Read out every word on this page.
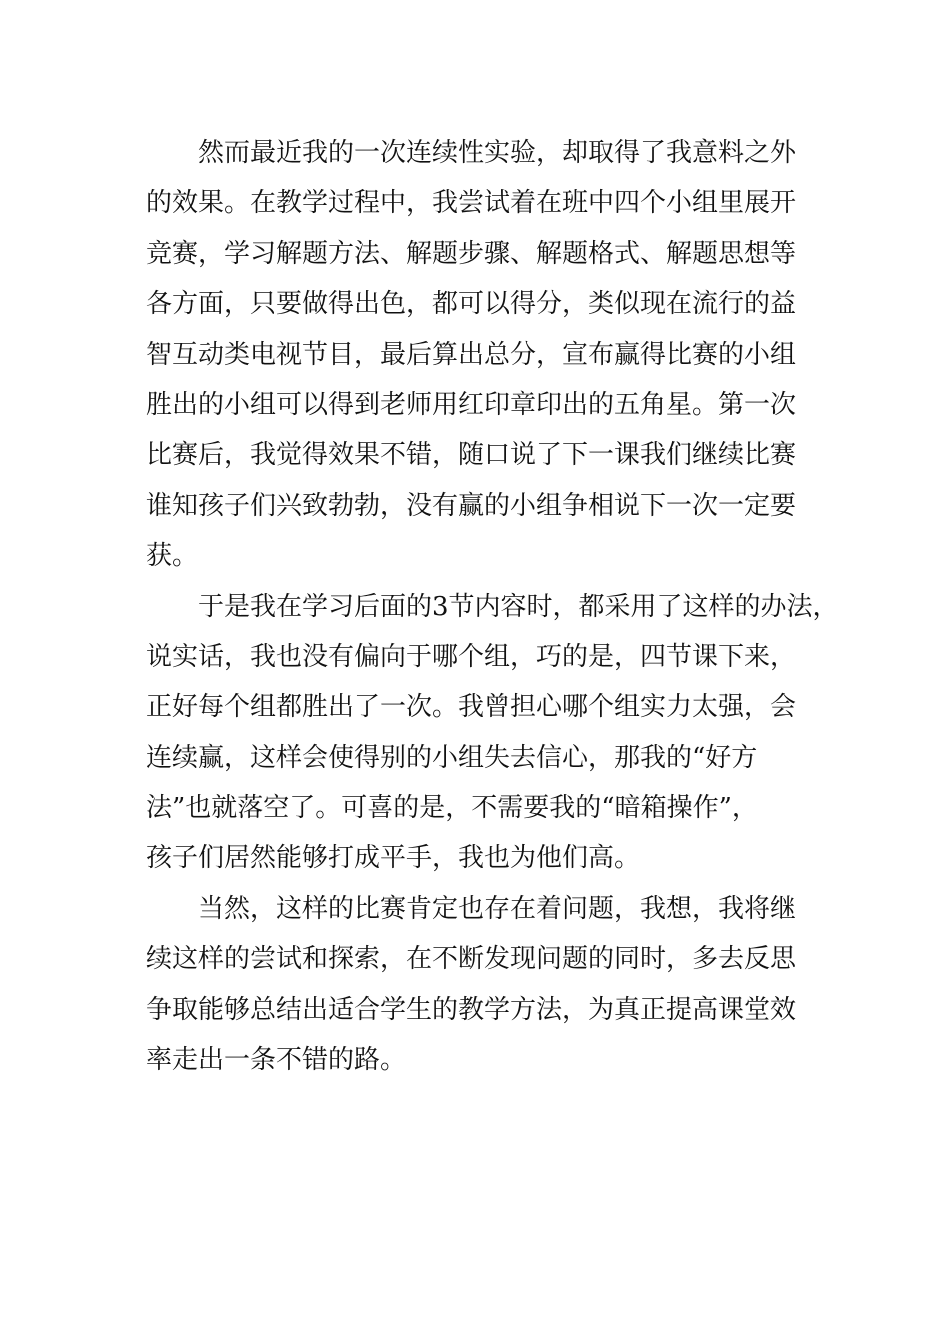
然而最近我的一次连续性实验，却取得了我意料之外
的效果。在教学过程中，我尝试着在班中四个小组里展开
竞赛，学习解题方法、解题步骤、解题格式、解题思想等
各方面，只要做得出色，都可以得分，类似现在流行的益
智互动类电视节目，最后算出总分，宣布赢得比赛的小组
胜出的小组可以得到老师用红印章印出的五角星。第一次
比赛后，我觉得效果不错，随口说了下一课我们继续比赛
谁知孩子们兴致勃勃，没有赢的小组争相说下一次一定要
获。
于是我在学习后面的3节内容时，都采用了这样的办法，
说实话，我也没有偏向于哪个组，巧的是，四节课下来，
正好每个组都胜出了一次。我曾担心哪个组实力太强，会
连续赢，这样会使得别的小组失去信心，那我的“好方
法”也就落空了。可喜的是，不需要我的“暗箱操作”，
孩子们居然能够打成平手，我也为他们高。
当然，这样的比赛肯定也存在着问题，我想，我将继
续这样的尝试和探索，在不断发现问题的同时，多去反思
争取能够总结出适合学生的教学方法，为真正提高课堂效
率走出一条不错的路。
